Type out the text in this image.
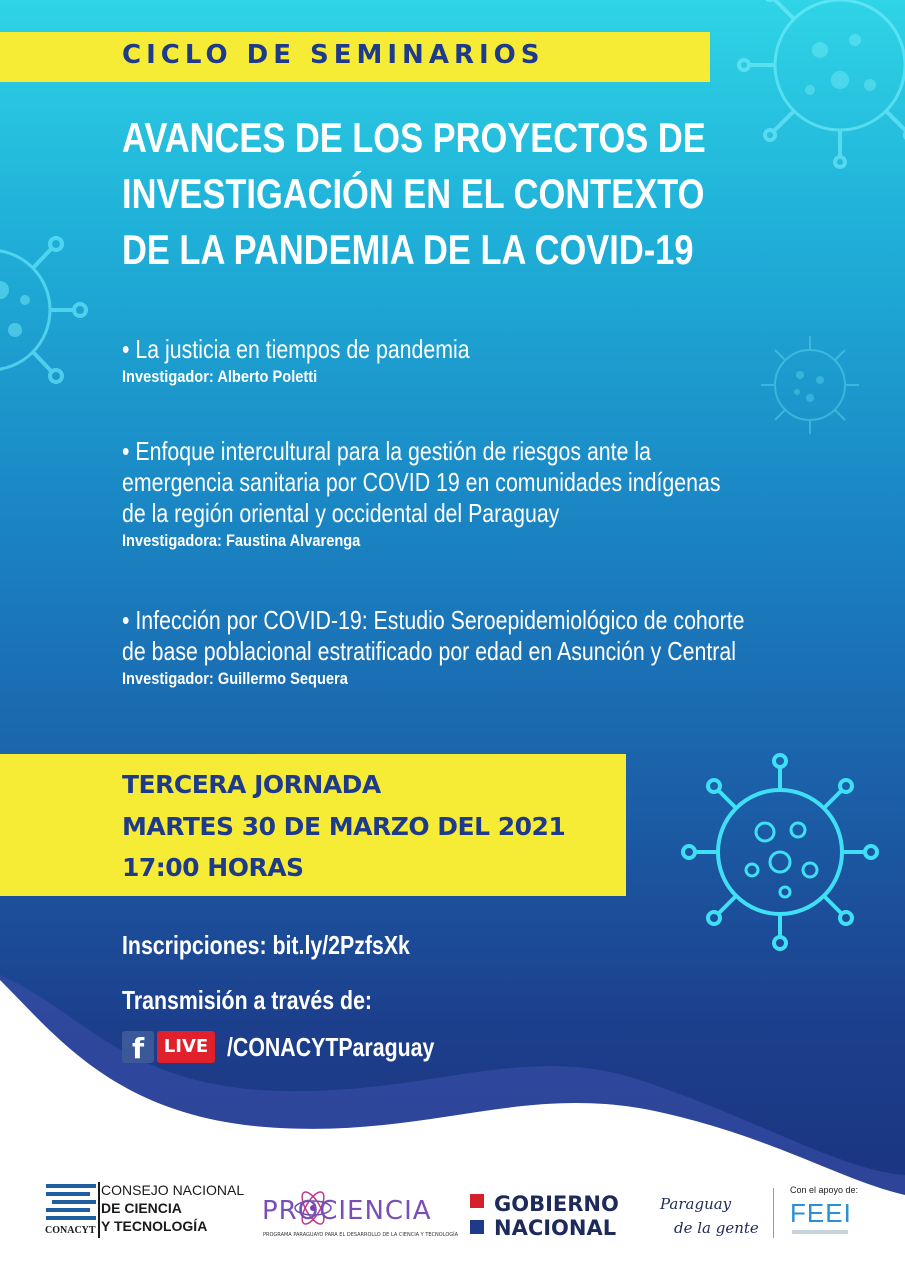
CICLO DE SEMINARIOS
AVANCES DE LOS PROYECTOS DE
INVESTIGACIÓN EN EL CONTEXTO
DE LA PANDEMIA DE LA COVID-19
• La justicia en tiempos de pandemia
Investigador: Alberto Poletti
• Enfoque intercultural para la gestión de riesgos ante la
emergencia sanitaria por COVID 19 en comunidades indígenas
de la región oriental y occidental del Paraguay
Investigadora: Faustina Alvarenga
• Infección por COVID-19: Estudio Seroepidemiológico de cohorte
de base poblacional estratificado por edad en Asunción y Central
Investigador: Guillermo Sequera
TERCERA JORNADA
MARTES 30 DE MARZO DEL 2021
17:00 HORAS
Inscripciones: bit.ly/2PzfsXk
Transmisión a través de:
f	LIVE /CONACYTParaguay
CONSEJO NACIONAL
DE CIENCIA
Y TECNOLOGÍA
CONACYT
PROCIENCIA
PROGRAMA PARAGUAYO PARA EL DESARROLLO DE LA CIENCIA Y TECNOLOGÍA
GOBIERNO
NACIONAL
Paraguay
de la gente
Con el apoyo de:
FEEI
